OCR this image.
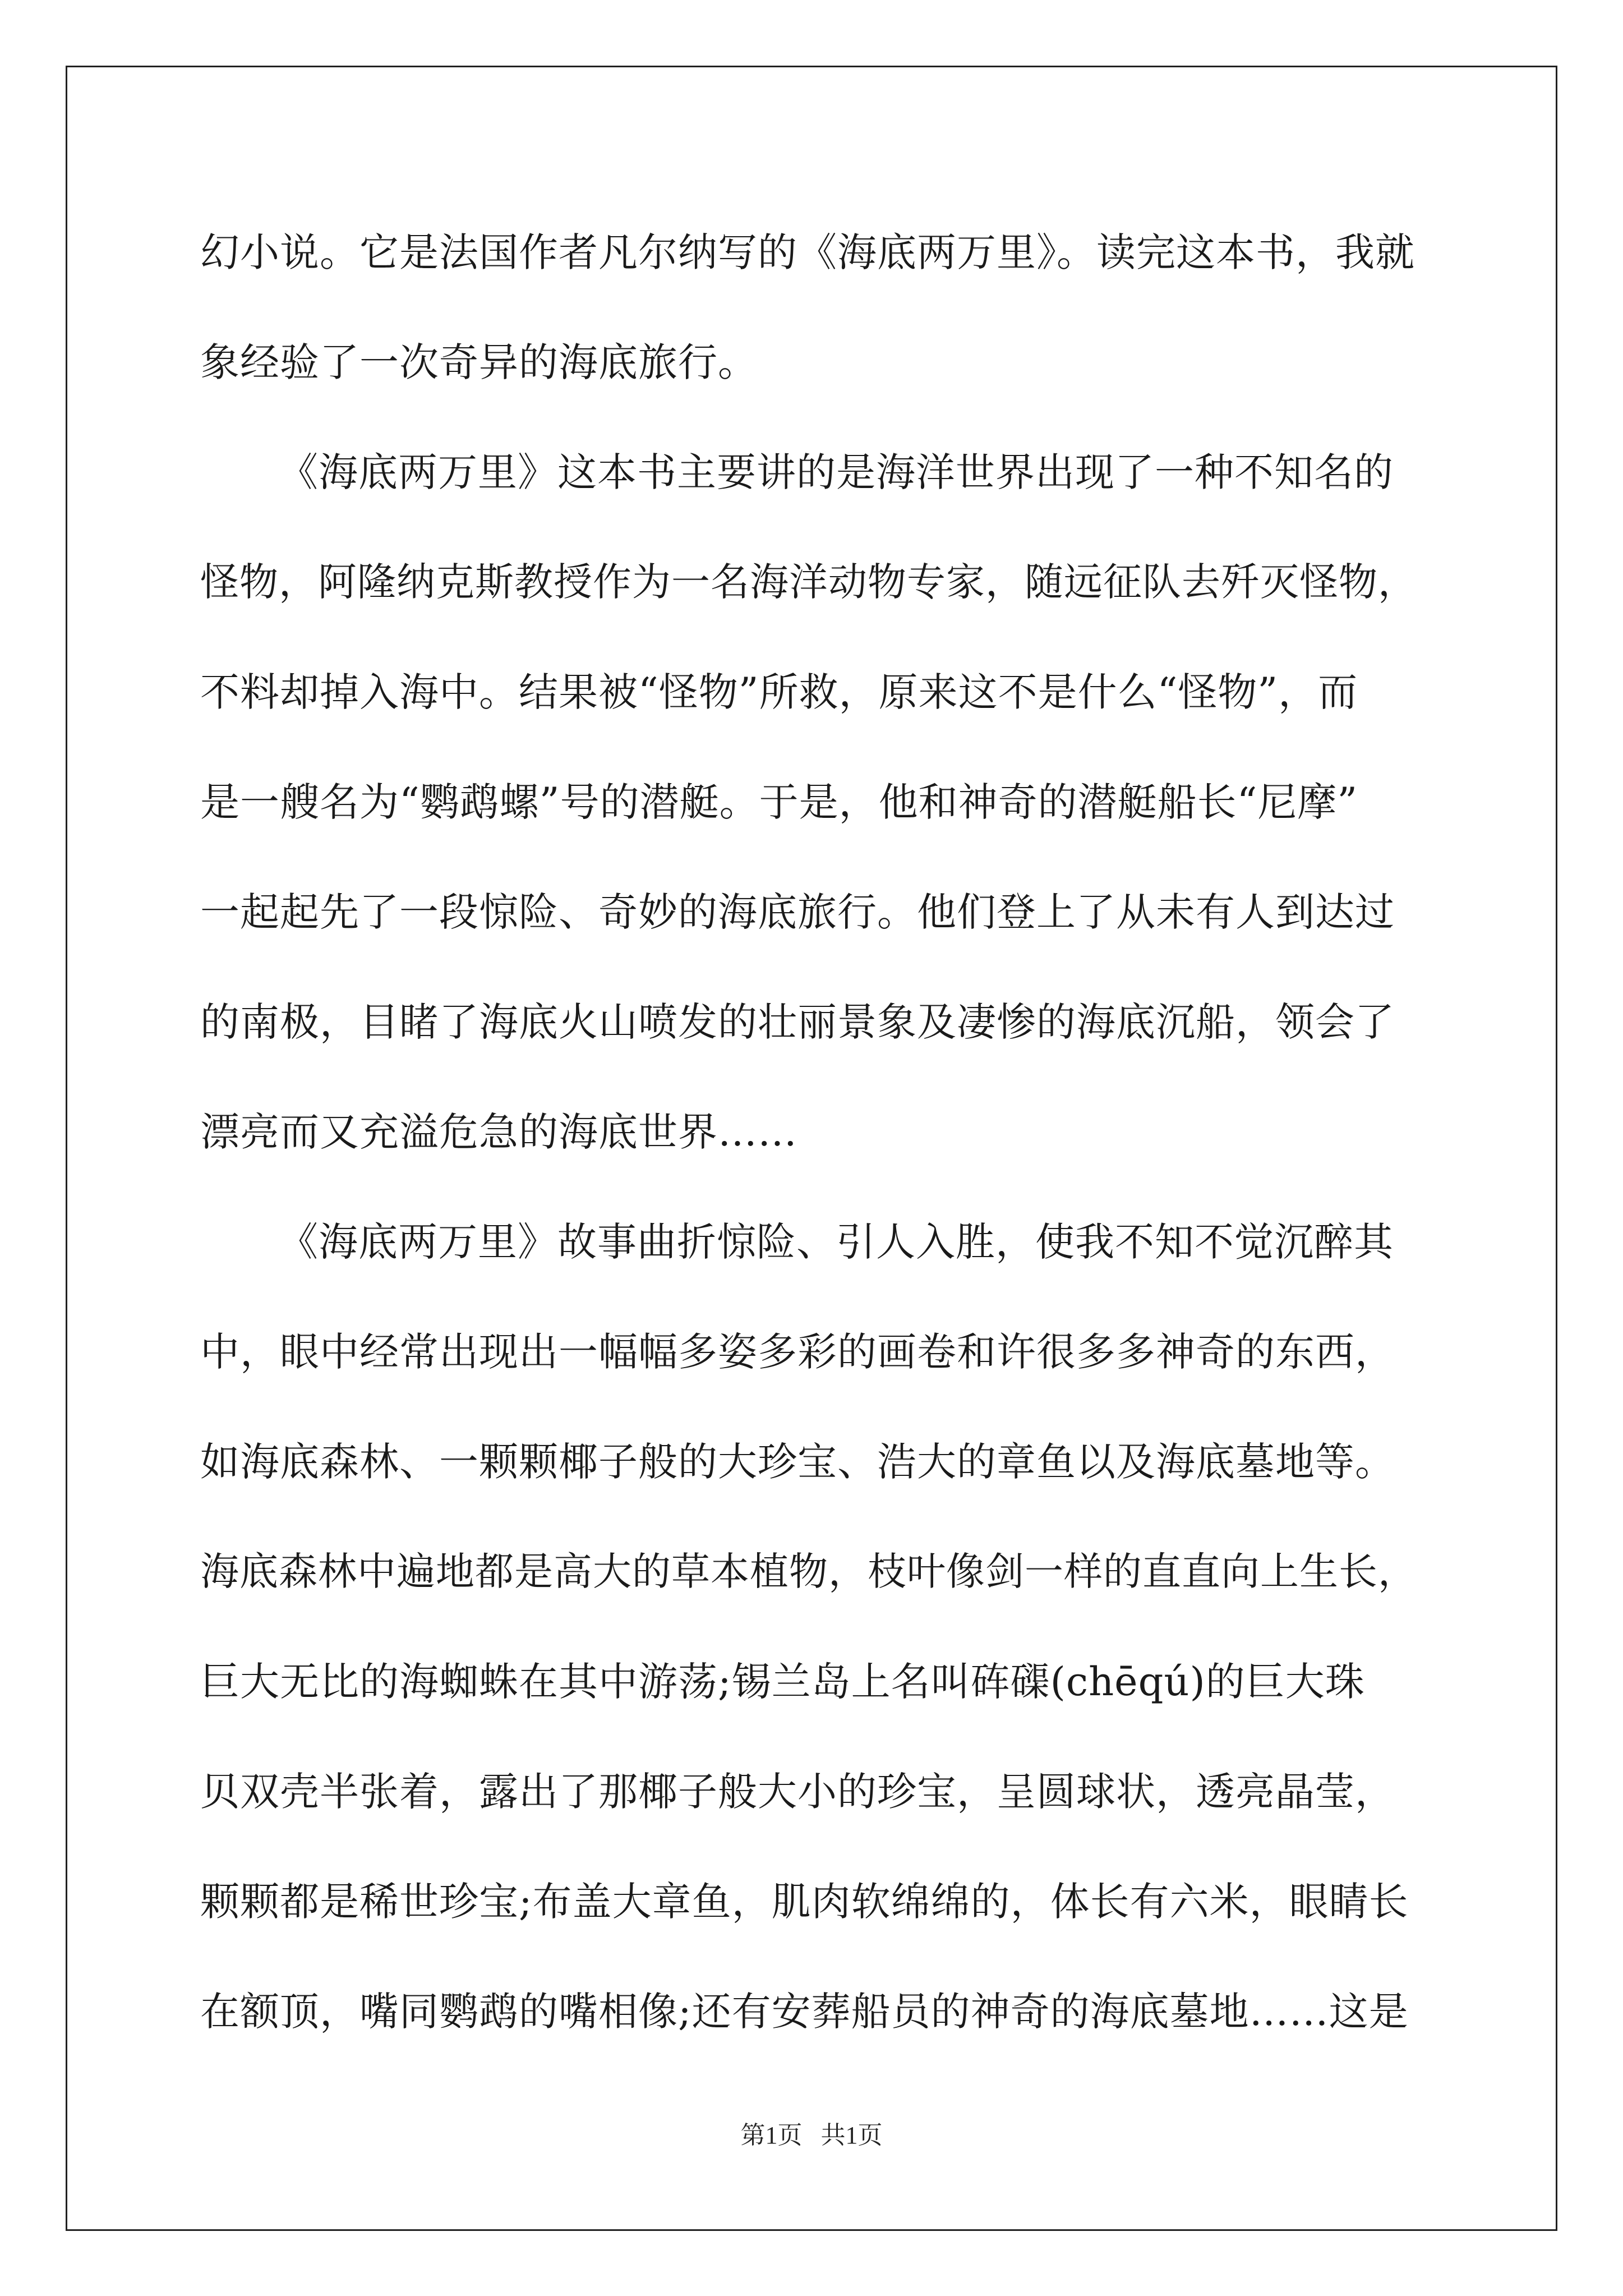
幻小说。它是法国作者凡尔纳写的《海底两万里》。读完这本书，我就
象经验了一次奇异的海底旅行。
《海底两万里》这本书主要讲的是海洋世界出现了一种不知名的
怪物，阿隆纳克斯教授作为一名海洋动物专家，随远征队去歼灭怪物，
不料却掉入海中。结果被“怪物”所救，原来这不是什么“怪物”，而
是一艘名为“鹦鹉螺”号的潜艇。于是，他和神奇的潜艇船长“尼摩”
一起起先了一段惊险、奇妙的海底旅行。他们登上了从未有人到达过
的南极，目睹了海底火山喷发的壮丽景象及凄惨的海底沉船，领会了
漂亮而又充溢危急的海底世界……
《海底两万里》故事曲折惊险、引人入胜，使我不知不觉沉醉其
中，眼中经常出现出一幅幅多姿多彩的画卷和许很多多神奇的东西，
如海底森林、一颗颗椰子般的大珍宝、浩大的章鱼以及海底墓地等。
海底森林中遍地都是高大的草本植物，枝叶像剑一样的直直向上生长，
巨大无比的海蜘蛛在其中游荡;锡兰岛上名叫砗磲(chēqú)的巨大珠
贝双壳半张着，露出了那椰子般大小的珍宝，呈圆球状，透亮晶莹，
颗颗都是稀世珍宝;布盖大章鱼，肌肉软绵绵的，体长有六米，眼睛长
在额顶，嘴同鹦鹉的嘴相像;还有安葬船员的神奇的海底墓地……这是
第1页   共1页
